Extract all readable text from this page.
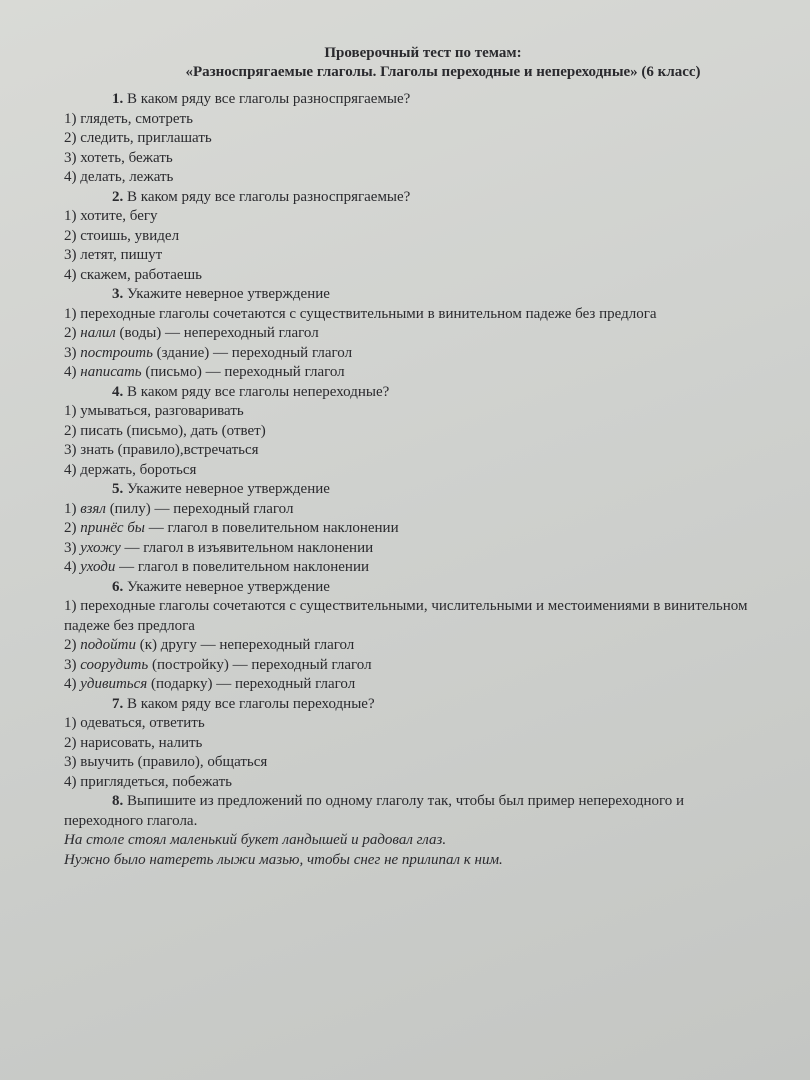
Проверочный тест по темам:
«Разноспрягаемые глаголы. Глаголы переходные и непереходные» (6 класс)
1. В каком ряду все глаголы разноспрягаемые?

1) глядеть, смотреть

2) следить, приглашать

3) хотеть, бежать

4) делать, лежать

2. В каком ряду все глаголы разноспрягаемые?

1) хотите, бегу

2) стоишь, увидел

3) летят, пишут

4) скажем, работаешь

3. Укажите неверное утверждение

1) переходные глаголы сочетаются с существительными в винительном падеже без предлога

2) налил (воды) — непереходный глагол

3) построить (здание) — переходный глагол

4) написать (письмо) — переходный глагол

4. В каком ряду все глаголы непереходные?

1) умываться, разговаривать

2) писать (письмо), дать (ответ)

3) знать (правило),встречаться

4) держать, бороться

5. Укажите неверное утверждение

1) взял (пилу) — переходный глагол

2) принёс бы — глагол в повелительном наклонении

3) ухожу — глагол в изъявительном наклонении

4) уходи — глагол в повелительном наклонении

6. Укажите неверное утверждение

1) переходные глаголы сочетаются с существительными, числительными и местоимениями в винительном падеже без предлога

2) подойти (к) другу — непереходный глагол

3) соорудить (постройку) — переходный глагол

4) удивиться (подарку) — переходный глагол

7. В каком ряду все глаголы переходные?

1) одеваться, ответить

2) нарисовать, налить

3) выучить (правило), общаться

4) приглядеться, побежать

8. Выпишите из предложений по одному глаголу так, чтобы был пример непереходного и

переходного глагола.

На столе стоял маленький букет ландышей и радовал глаз.

Нужно было натереть лыжи мазью, чтобы снег не прилипал к ним.
